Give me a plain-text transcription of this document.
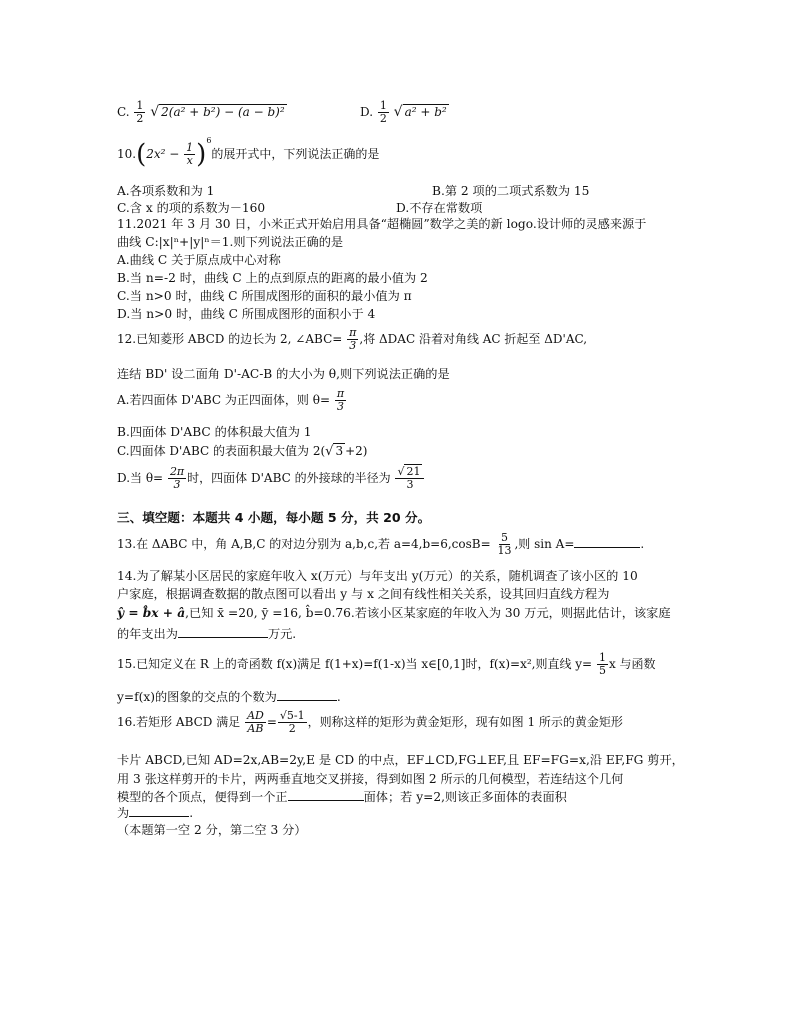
C. $\frac{1}{2}$ √ 2(a² + b²) − (a − b)²	D. $\frac{1}{2}$ √ a² + b²
$10.(2x^2 - \frac{1}{x} )^6$的展开式中，下列说法正确的是
A.各项系数和为 1	B.第 2 项的二项式系数为 15
C.含 x 的项的系数为－160	D.不存在常数项
11.2021 年 3 月 30 日，小米正式开始启用具备“超椭圆”数学之美的新 logo.设计师的灵感来源于
曲线 C:|x|ⁿ+|y|ⁿ＝1.则下列说法正确的是
A.曲线 C 关于原点成中心对称
B.当 n=-2 时，曲线 C 上的点到原点的距离的最小值为 2
C.当 n>0 时，曲线 C 所围成图形的面积的最小值为 π
D.当 n>0 时，曲线 C 所围成图形的面积小于 4
12.已知菱形 ABCD 的边长为 2, ∠ABC= $\frac{\pi}{3}$ ,将 ΔDAC 沿着对角线 AC 折起至 ΔD'AC,
连结 BD' 设二面角 D'-AC-B 的大小为 θ,则下列说法正确的是
A.若四面体 D'ABC 为正四面体，则 $\theta= \frac{\pi}{3}$
B.四面体 D'ABC 的体积最大值为 1
C.四面体 D'ABC 的表面积最大值为 2(√ 3 +2)
D.当 $\theta= \frac{2\pi}{3}$ 时，四面体 D'ABC 的外接球的半径为 $\frac{√ 21}{3}$
三、填空题：本题共 4 小题，每小题 5 分，共 20 分。
13.在 ΔABC 中，角 A,B,C 的对边分别为 a,b,c,若 $a=4,b=6,\cos B= \frac{5}{13}$ ,则 sin A=	.
14.为了解某小区居民的家庭年收入 x(万元）与年支出 y(万元）的关系，随机调查了该小区的 10
户家庭，根据调查数据的散点图可以看出 y 与 x 之间有线性相关关系，设其回归直线方程为
ŷ = b̂x + â,已知 x̄ =20, ȳ =16, b̂=0.76.若该小区某家庭的年收入为 30 万元，则据此估计，该家庭
的年支出为	万元.
15.已知定义在 R 上的奇函数 f(x)满足 f(1+x)=f(1-x)当 x∈[0,1]时，f(x)=x²,则直线 $y= \frac{1}{5}$ x 与函数
y=f(x)的图象的交点的个数为	.
16.若矩形 ABCD 满足 $\frac{AD}{AB} = \frac{√5-1}{2}$ ，则称这样的矩形为黄金矩形，现有如图 1 所示的黄金矩形
卡片 ABCD,已知 AD=2x,AB=2y,E 是 CD 的中点，EF⊥CD,FG⊥EF,且 EF=FG=x,沿 EF,FG 剪开，
用 3 张这样剪开的卡片，两两垂直地交叉拼接，得到如图 2 所示的几何模型，若连结这个几何
模型的各个顶点，便得到一个正	面体；若 y=2,则该正多面体的表面积
为	.
（本题第一空 2 分，第二空 3 分）
